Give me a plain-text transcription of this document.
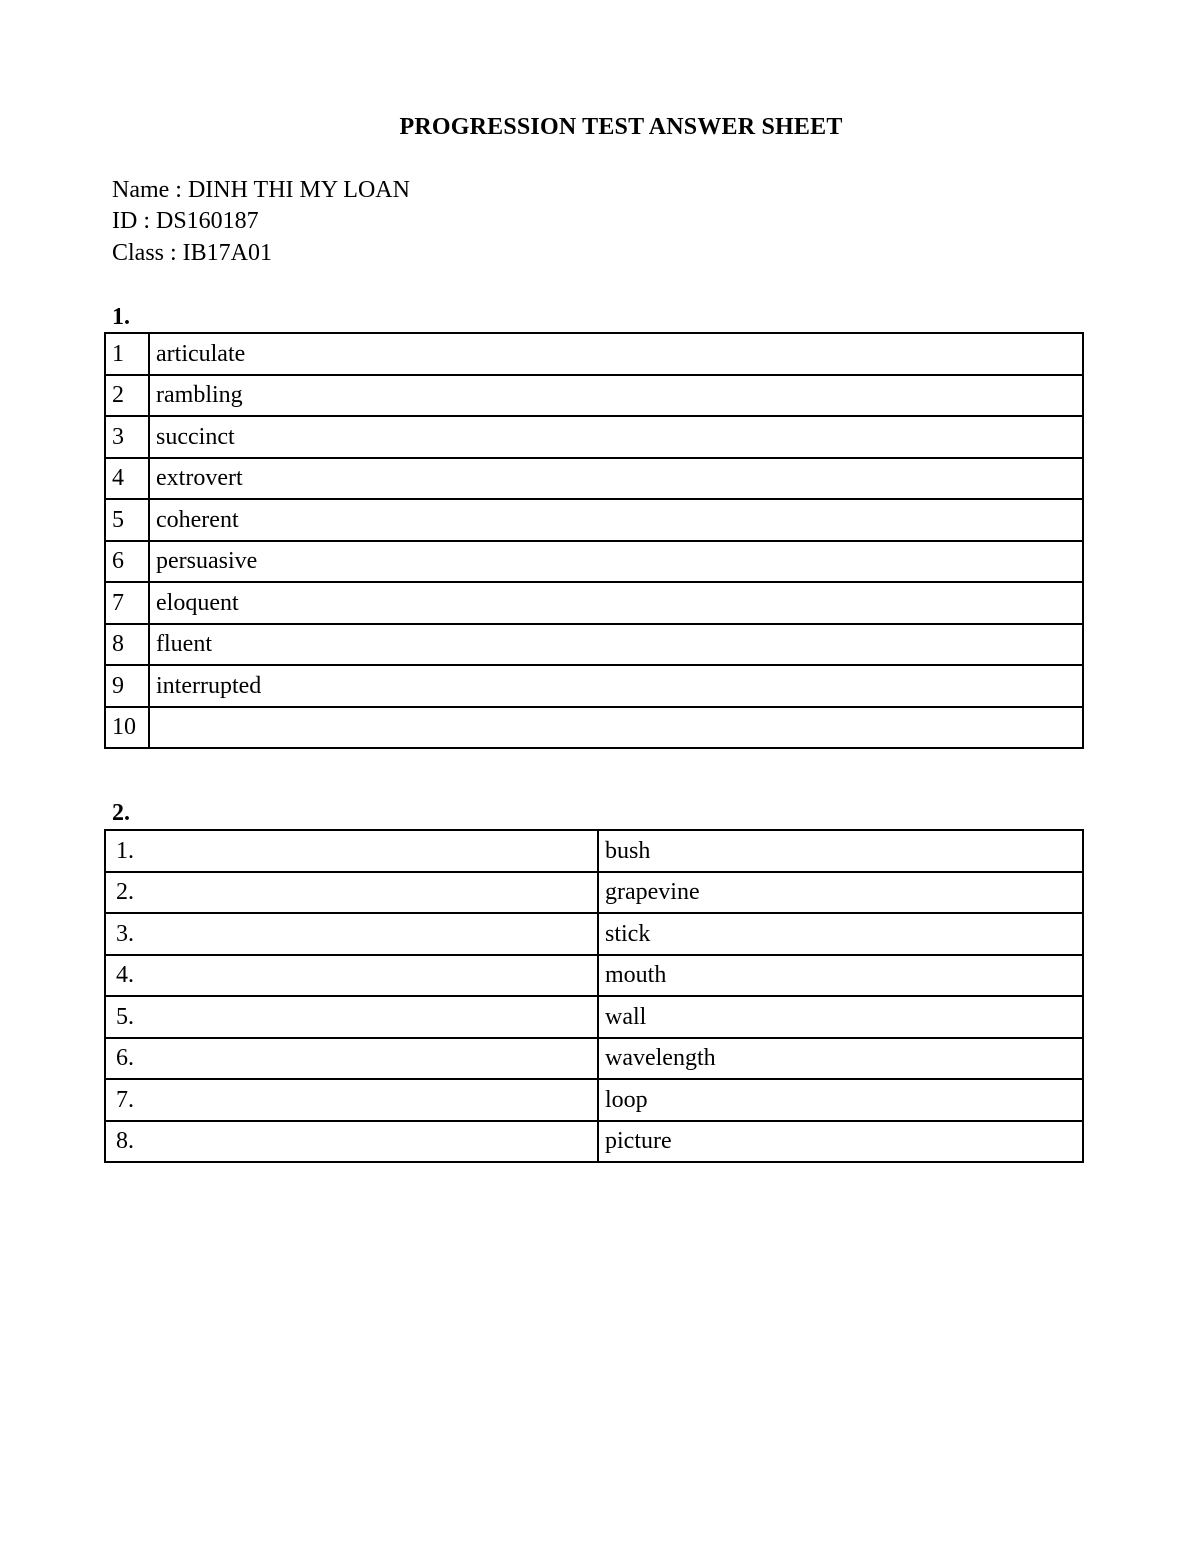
PROGRESSION TEST ANSWER SHEET
Name : DINH THI MY LOAN
ID : DS160187
Class : IB17A01
1.
1	articulate
2	rambling
3	succinct
4	extrovert
5	coherent
6	persuasive
7	eloquent
8	fluent
9	interrupted
10	
2.
1.	bush
2.	grapevine
3.	stick
4.	mouth
5.	wall
6.	wavelength
7.	loop
8.	picture
